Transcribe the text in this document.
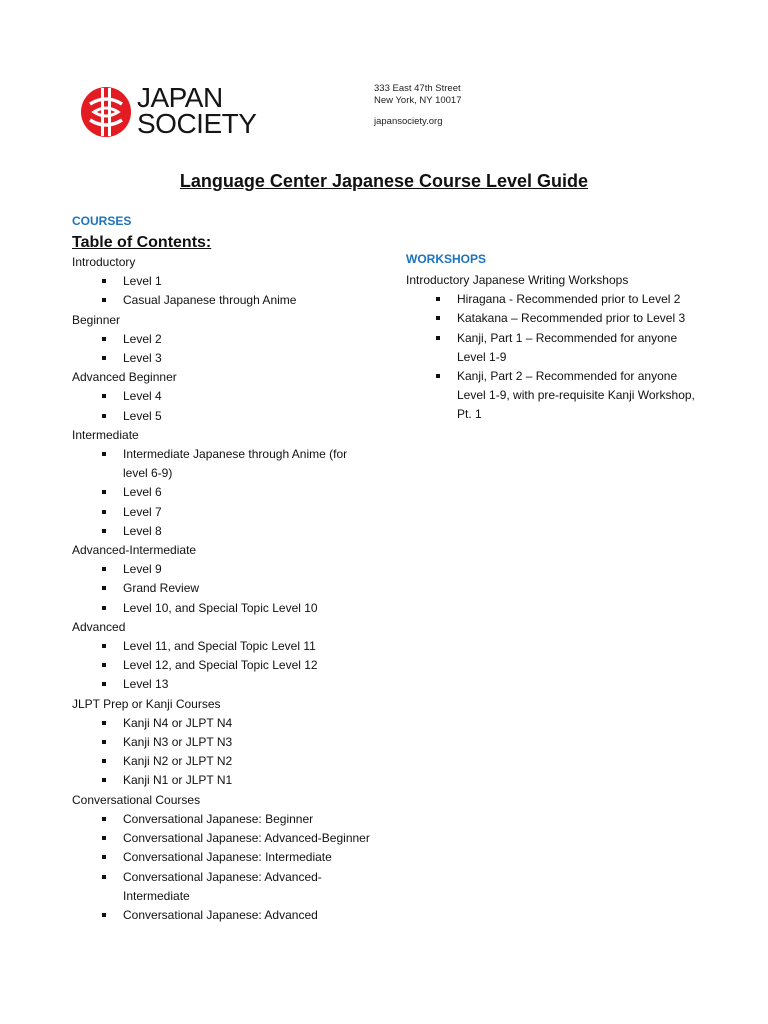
JAPAN
SOCIETY
333 East 47th Street
New York, NY 10017
japansociety.org
Language Center Japanese Course Level Guide
COURSES
Table of Contents:
Introductory
Level 1
Casual Japanese through Anime
Beginner
Level 2
Level 3
Advanced Beginner
Level 4
Level 5
Intermediate
Intermediate Japanese through Anime (for level 6-9)
Level 6
Level 7
Level 8
Advanced-Intermediate
Level 9
Grand Review
Level 10, and Special Topic Level 10
Advanced
Level 11, and Special Topic Level 11
Level 12, and Special Topic Level 12
Level 13
JLPT Prep or Kanji Courses
Kanji N4 or JLPT N4
Kanji N3 or JLPT N3
Kanji N2 or JLPT N2
Kanji N1 or JLPT N1
Conversational Courses
Conversational Japanese: Beginner
Conversational Japanese: Advanced-Beginner
Conversational Japanese: Intermediate
Conversational Japanese: Advanced-Intermediate
Conversational Japanese: Advanced
WORKSHOPS
Introductory Japanese Writing Workshops
Hiragana - Recommended prior to Level 2
Katakana – Recommended prior to Level 3
Kanji, Part 1 – Recommended for anyone Level 1-9
Kanji, Part 2 – Recommended for anyone Level 1-9, with pre-requisite Kanji Workshop, Pt. 1
